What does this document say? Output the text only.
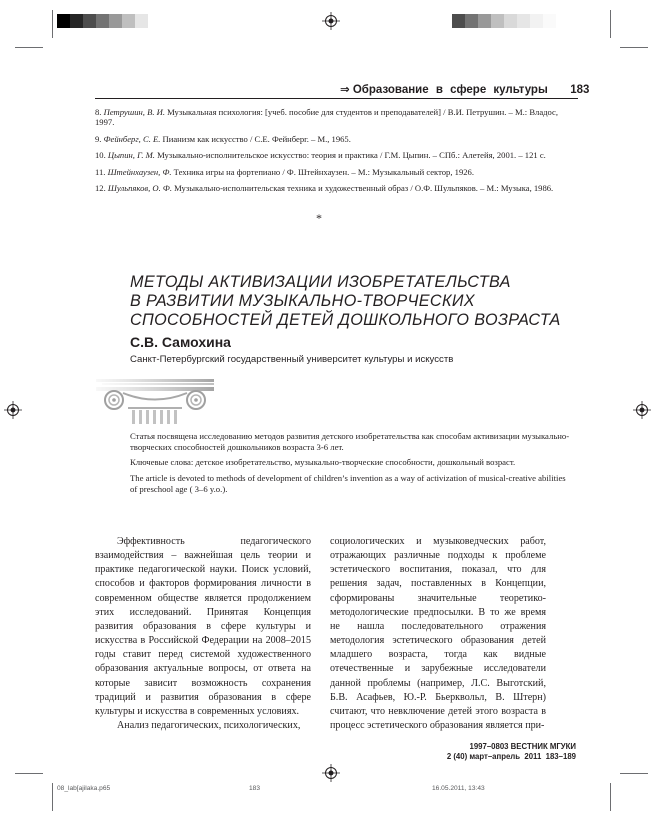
⇒ Образование в сфере культуры 183
8. Петрушин, В. И. Музыкальная психология: [учеб. пособие для студентов и преподавателей] / В.И. Петрушин. – М.: Владос, 1997.
9. Фейнберг, С. Е. Пианизм как искусство / С.Е. Фейнберг. – М., 1965.
10. Цыпин, Г. М. Музыкально-исполнительское искусство: теория и практика / Г.М. Цыпин. – СПб.: Алетейя, 2001. – 121 с.
11. Штейнхаузен, Ф. Техника игры на фортепиано / Ф. Штейнхаузен. – М.: Музыкальный сектор, 1926.
12. Шульпяков, О. Ф. Музыкально-исполнительская техника и художественный образ / О.Ф. Шульпяков. – М.: Музыка, 1986.
*
МЕТОДЫ АКТИВИЗАЦИИ ИЗОБРЕТАТЕЛЬСТВА
В РАЗВИТИИ МУЗЫКАЛЬНО-ТВОРЧЕСКИХ
СПОСОБНОСТЕЙ ДЕТЕЙ ДОШКОЛЬНОГО ВОЗРАСТА
С.В. Самохина
Санкт-Петербургский государственный университет культуры и искусств

Статья посвящена исследованию методов развития детского изобретательства как способам активизации музыкально-творческих способностей дошкольников возраста 3-6 лет.

Ключевые слова: детское изобретательство, музыкально-творческие способности, дошкольный возраст.

The article is devoted to methods of development of children’s invention as a way of activization of musical-creative abilities of preschool age ( 3–6 y.o.).

Эффективность педагогического взаимодействия – важнейшая цель теории и практике педагогической науки. Поиск условий, способов и факторов формирования личности в современном обществе является продолжением этих исследований. Принятая Концепция развития образования в сфере культуры и искусства в Российской Федерации на 2008–2015 годы ставит перед системой художественного образования актуальные вопросы, от ответа на которые зависит возможность сохранения традиций и развития образования в сфере культуры и искусства в современных условиях.

Анализ педагогических, психологических,

социологических и музыковедческих работ, отражающих различные подходы к проблеме эстетического воспитания, показал, что для решения задач, поставленных в Концепции, сформированы значительные теоретико-методологические предпосылки. В то же время не нашла последовательного отражения методология эстетического образования детей младшего возраста, тогда как видные отечественные и зарубежные исследователи данной проблемы (например, Л.С. Выготский, Б.В. Асафьев, Ю.-Р. Бьерквольл, В. Штерн) считают, что невключение детей этого возраста в процесс эстетического образования является при-

1997–0803 ВЕСТНИК МГУКИ
2 (40) март–апрель  2011  183–189
08_lab[ajilaka.p65	183	16.05.2011, 13:43
